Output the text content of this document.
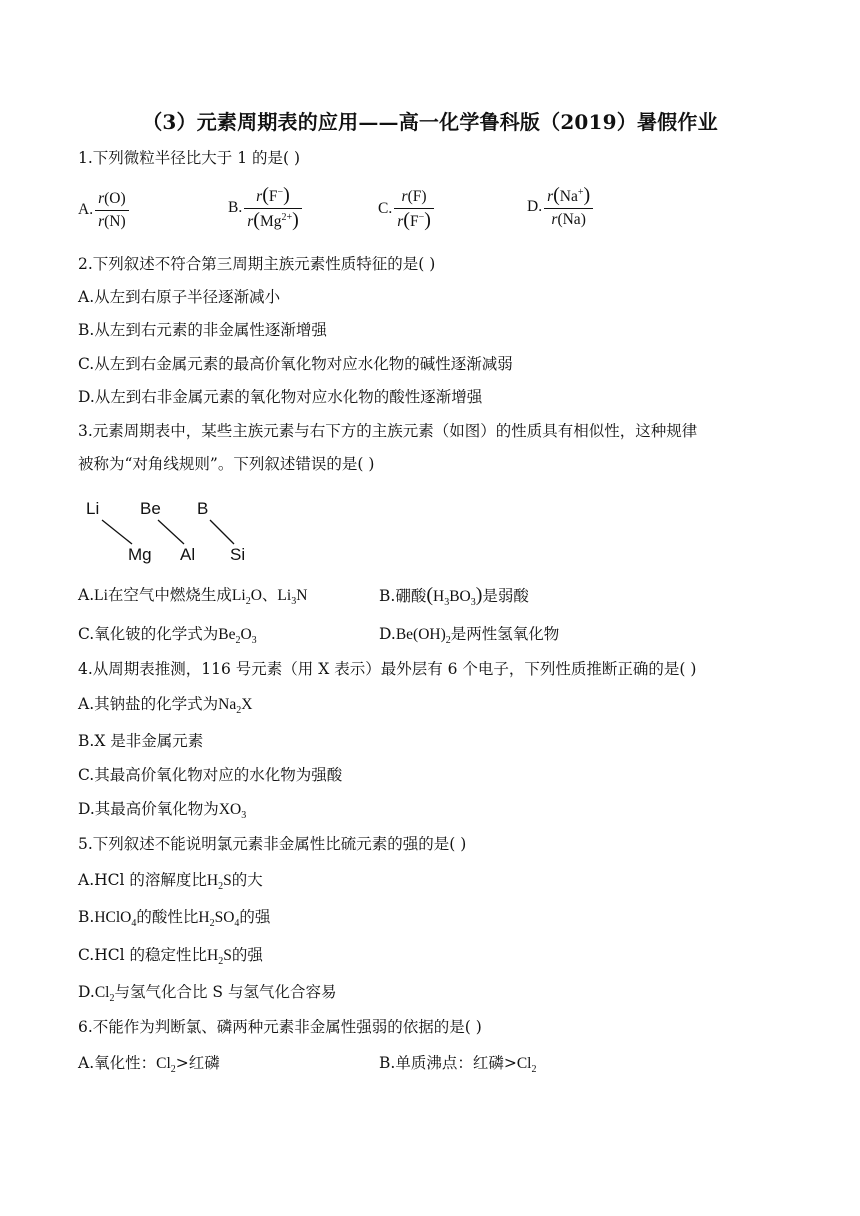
（3）元素周期表的应用——高一化学鲁科版（2019）暑假作业
1.下列微粒半径比大于 1 的是( )
A. $\frac{r(O)}{r(N)}$	B. $\frac{r(F^-)}{r(Mg^{2+})}$	C. $\frac{r(F)}{r(F^-)}$	D. $\frac{r(Na^+)}{r(Na)}$
2.下列叙述不符合第三周期主族元素性质特征的是( )
A.从左到右原子半径逐渐减小
B.从左到右元素的非金属性逐渐增强
C.从左到右金属元素的最高价氧化物对应水化物的碱性逐渐减弱
D.从左到右非金属元素的氧化物对应水化物的酸性逐渐增强
3.元素周期表中，某些主族元素与右下方的主族元素（如图）的性质具有相似性，这种规律
被称为“对角线规则”。下列叙述错误的是( )
Li Be B
Mg Al Si
A.Li在空气中燃烧生成$Li_2O$、$Li_3N$	B.硼酸$(H_3BO_3)$是弱酸
C.氧化铍的化学式为$Be_2O_3$	$D.Be(OH)_2$是两性氢氧化物
4.从周期表推测，116 号元素（用 X 表示）最外层有 6 个电子，下列性质推断正确的是( )
A.其钠盐的化学式为$Na_2X$
B.X 是非金属元素
C.其最高价氧化物对应的水化物为强酸
D.其最高价氧化物为$XO_3$
5.下列叙述不能说明氯元素非金属性比硫元素的强的是( )
A.HCl 的溶解度比$H_2S$的大
B.HClO$_4$的酸性比$H_2SO_4$的强
C.HCl 的稳定性比$H_2S$的强
$D.Cl_2$与氢气化合比 S 与氢气化合容易
6.不能作为判断氯、磷两种元素非金属性强弱的依据的是( )
A.氧化性：$Cl_2>$红磷	B.单质沸点：红磷$>Cl_2$
